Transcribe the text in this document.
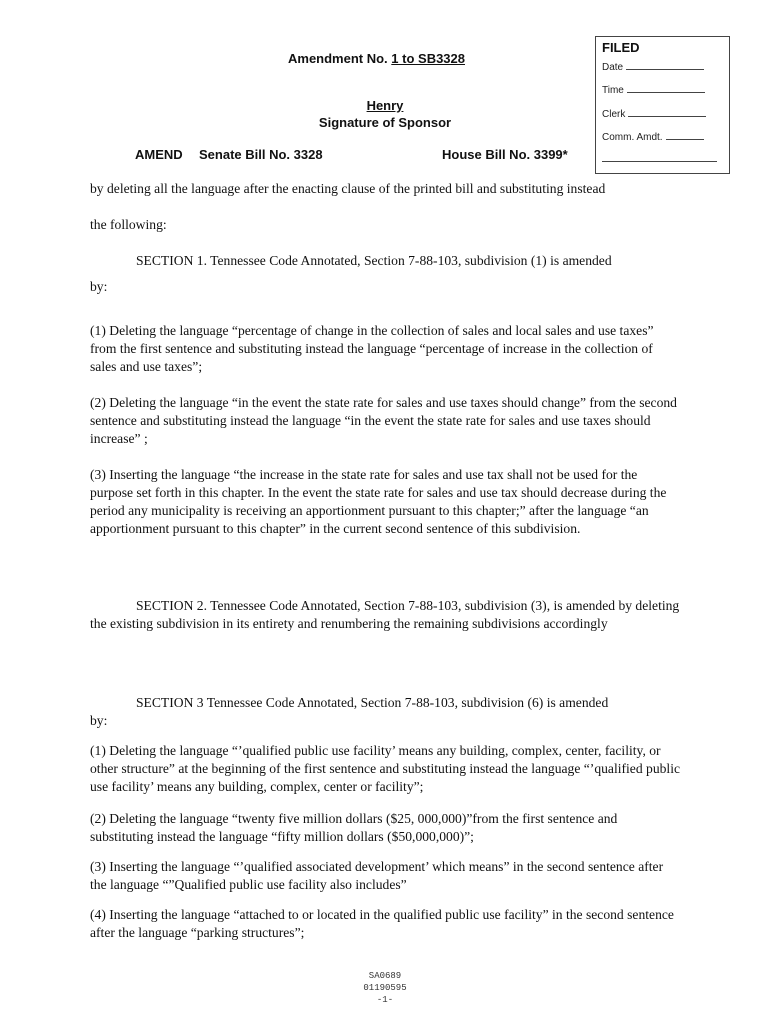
Amendment No. 1 to SB3328
Henry
Signature of Sponsor
AMEND Senate Bill No. 3328	House Bill No. 3399*
FILED
Date
Time
Clerk
Comm. Amdt.
by deleting all the language after the enacting clause of the printed bill and substituting instead
the following:
SECTION 1. Tennessee Code Annotated, Section 7-88-103, subdivision (1) is amended
by:
(1) Deleting the language “percentage of change in the collection of sales and local sales and use taxes” from the first sentence and substituting instead the language “percentage of increase in the collection of sales and use taxes”;
(2) Deleting the language “in the event the state rate for sales and use taxes should change” from the second sentence and substituting instead the language “in the event the state rate for sales and use taxes should increase” ;
(3) Inserting the language “the increase in the state rate for sales and use tax shall not be used for the purpose set forth in this chapter. In the event the state rate for sales and use tax should decrease during the period any municipality is receiving an apportionment pursuant to this chapter;” after the language “an apportionment pursuant to this chapter” in the current second sentence of this subdivision.
SECTION 2. Tennessee Code Annotated, Section 7-88-103, subdivision (3), is amended by deleting the existing subdivision in its entirety and renumbering the remaining subdivisions accordingly
SECTION 3 Tennessee Code Annotated, Section 7-88-103, subdivision (6) is amended
by:
(1) Deleting the language “’qualified public use facility’ means any building, complex, center, facility, or other structure” at the beginning of the first sentence and substituting instead the language “’qualified public use facility’ means any building, complex, center or facility”;
(2) Deleting the language “twenty five million dollars ($25, 000,000)”from the first sentence and substituting instead the language “fifty million dollars ($50,000,000)”;
(3) Inserting the language “’qualified associated development’ which means” in the second sentence after the language “”Qualified public use facility also includes”
(4) Inserting the language “attached to or located in the qualified public use facility” in the second sentence after the language “parking structures”;
SA0689
01190595
-1-
